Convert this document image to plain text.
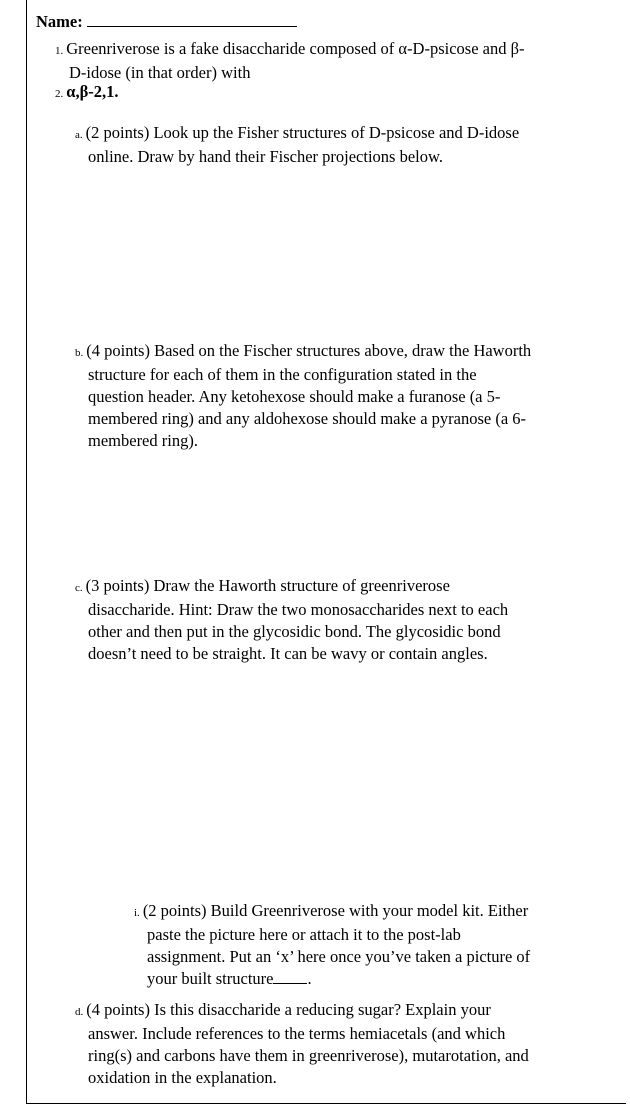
Name:
1. Greenriverose is a fake disaccharide composed of α-D-psicose and β-
D-idose (in that order) with
2. α,β-2,1.
a. (2 points) Look up the Fisher structures of D-psicose and D-idose
online. Draw by hand their Fischer projections below.
b. (4 points) Based on the Fischer structures above, draw the Haworth
structure for each of them in the configuration stated in the
question header. Any ketohexose should make a furanose (a 5-
membered ring) and any aldohexose should make a pyranose (a 6-
membered ring).
c. (3 points) Draw the Haworth structure of greenriverose
disaccharide. Hint: Draw the two monosaccharides next to each
other and then put in the glycosidic bond. The glycosidic bond
doesn’t need to be straight. It can be wavy or contain angles.
i. (2 points) Build Greenriverose with your model kit. Either
paste the picture here or attach it to the post-lab
assignment. Put an ‘x’ here once you’ve taken a picture of
your built structure .
d. (4 points) Is this disaccharide a reducing sugar? Explain your
answer. Include references to the terms hemiacetals (and which
ring(s) and carbons have them in greenriverose), mutarotation, and
oxidation in the explanation.
